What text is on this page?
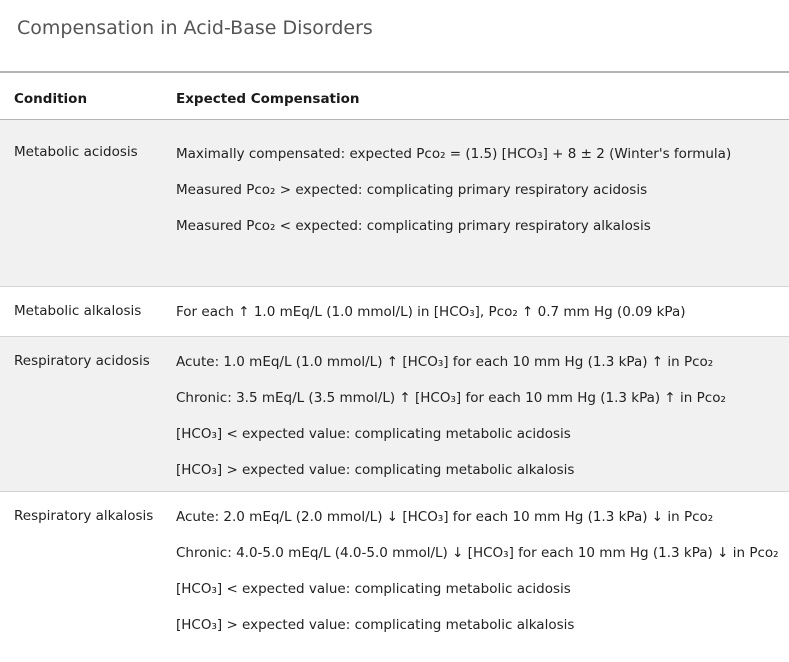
Compensation in Acid-Base Disorders
Condition	Expected Compensation
Metabolic acidosis	Maximally compensated: expected Pco₂ = (1.5) [HCO₃] + 8 ± 2 (Winter's formula)
Measured Pco₂ > expected: complicating primary respiratory acidosis
Measured Pco₂ < expected: complicating primary respiratory alkalosis
Metabolic alkalosis	For each ↑ 1.0 mEq/L (1.0 mmol/L) in [HCO₃], Pco₂ ↑ 0.7 mm Hg (0.09 kPa)
Respiratory acidosis	Acute: 1.0 mEq/L (1.0 mmol/L) ↑ [HCO₃] for each 10 mm Hg (1.3 kPa) ↑ in Pco₂
Chronic: 3.5 mEq/L (3.5 mmol/L) ↑ [HCO₃] for each 10 mm Hg (1.3 kPa) ↑ in Pco₂
[HCO₃] < expected value: complicating metabolic acidosis
[HCO₃] > expected value: complicating metabolic alkalosis
Respiratory alkalosis	Acute: 2.0 mEq/L (2.0 mmol/L) ↓ [HCO₃] for each 10 mm Hg (1.3 kPa) ↓ in Pco₂
Chronic: 4.0-5.0 mEq/L (4.0-5.0 mmol/L) ↓ [HCO₃] for each 10 mm Hg (1.3 kPa) ↓ in Pco₂
[HCO₃] < expected value: complicating metabolic acidosis
[HCO₃] > expected value: complicating metabolic alkalosis
